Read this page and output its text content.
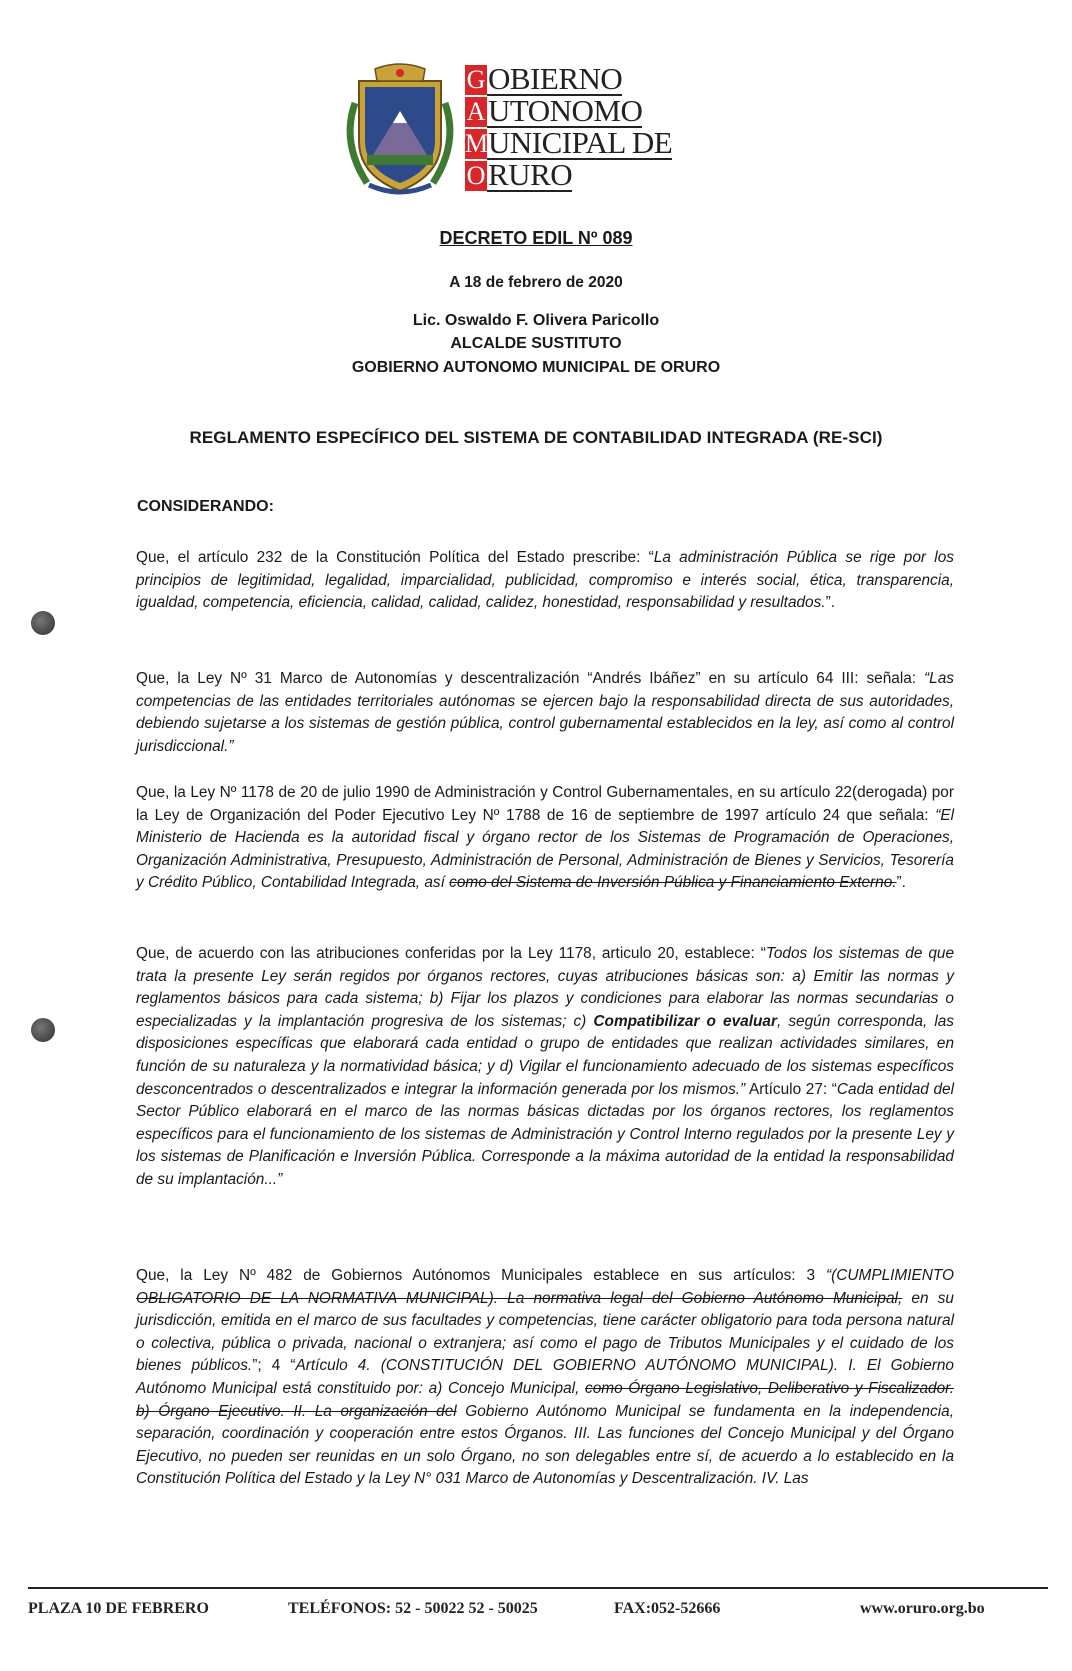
G OBIERNO
A UTONOMO
M UNICIPAL DE
O RURO
DECRETO EDIL Nº 089
A 18 de febrero de 2020
Lic. Oswaldo F. Olivera Paricollo
ALCALDE SUSTITUTO
GOBIERNO AUTONOMO MUNICIPAL DE ORURO
REGLAMENTO ESPECÍFICO DEL SISTEMA DE CONTABILIDAD INTEGRADA (RE-SCI)
CONSIDERANDO:
Que, el artículo 232 de la Constitución Política del Estado prescribe: “La administración Pública se rige por los principios de legitimidad, legalidad, imparcialidad, publicidad, compromiso e interés social, ética, transparencia, igualdad, competencia, eficiencia, calidad, calidad, calidez, honestidad, responsabilidad y resultados.”.
Que, la Ley Nº 31 Marco de Autonomías y descentralización “Andrés Ibáñez” en su artículo 64 III: señala: “Las competencias de las entidades territoriales autónomas se ejercen bajo la responsabilidad directa de sus autoridades, debiendo sujetarse a los sistemas de gestión pública, control gubernamental establecidos en la ley, así como al control jurisdiccional.”
Que, la Ley Nº 1178 de 20 de julio 1990 de Administración y Control Gubernamentales, en su artículo 22(derogada) por la Ley de Organización del Poder Ejecutivo Ley Nº 1788 de 16 de septiembre de 1997 artículo 24 que señala: “El Ministerio de Hacienda es la autoridad fiscal y órgano rector de los Sistemas de Programación de Operaciones, Organización Administrativa, Presupuesto, Administración de Personal, Administración de Bienes y Servicios, Tesorería y Crédito Público, Contabilidad Integrada, así como del Sistema de Inversión Pública y Financiamiento Externo.”.
Que, de acuerdo con las atribuciones conferidas por la Ley 1178, articulo 20, establece: “Todos los sistemas de que trata la presente Ley serán regidos por órganos rectores, cuyas atribuciones básicas son: a) Emitir las normas y reglamentos básicos para cada sistema; b) Fijar los plazos y condiciones para elaborar las normas secundarias o especializadas y la implantación progresiva de los sistemas; c) Compatibilizar o evaluar, según corresponda, las disposiciones específicas que elaborará cada entidad o grupo de entidades que realizan actividades similares, en función de su naturaleza y la normatividad básica; y d) Vigilar el funcionamiento adecuado de los sistemas específicos desconcentrados o descentralizados e integrar la información generada por los mismos.” Artículo 27: “Cada entidad del Sector Público elaborará en el marco de las normas básicas dictadas por los órganos rectores, los reglamentos específicos para el funcionamiento de los sistemas de Administración y Control Interno regulados por la presente Ley y los sistemas de Planificación e Inversión Pública. Corresponde a la máxima autoridad de la entidad la responsabilidad de su implantación...”
Que, la Ley Nº 482 de Gobiernos Autónomos Municipales establece en sus artículos: 3 “(CUMPLIMIENTO OBLIGATORIO DE LA NORMATIVA MUNICIPAL). La normativa legal del Gobierno Autónomo Municipal, en su jurisdicción, emitida en el marco de sus facultades y competencias, tiene carácter obligatorio para toda persona natural o colectiva, pública o privada, nacional o extranjera; así como el pago de Tributos Municipales y el cuidado de los bienes públicos.”; 4 “Artículo 4. (CONSTITUCIÓN DEL GOBIERNO AUTÓNOMO MUNICIPAL). I. El Gobierno Autónomo Municipal está constituido por: a) Concejo Municipal, como Órgano Legislativo, Deliberativo y Fiscalizador. b) Órgano Ejecutivo. II. La organización del Gobierno Autónomo Municipal se fundamenta en la independencia, separación, coordinación y cooperación entre estos Órganos. III. Las funciones del Concejo Municipal y del Órgano Ejecutivo, no pueden ser reunidas en un solo Órgano, no son delegables entre sí, de acuerdo a lo establecido en la Constitución Política del Estado y la Ley N° 031 Marco de Autonomías y Descentralización. IV. Las
PLAZA 10 DE FEBRERO	TELÉFONOS: 52 - 50022 52 - 50025	FAX:052-52666	www.oruro.org.bo
